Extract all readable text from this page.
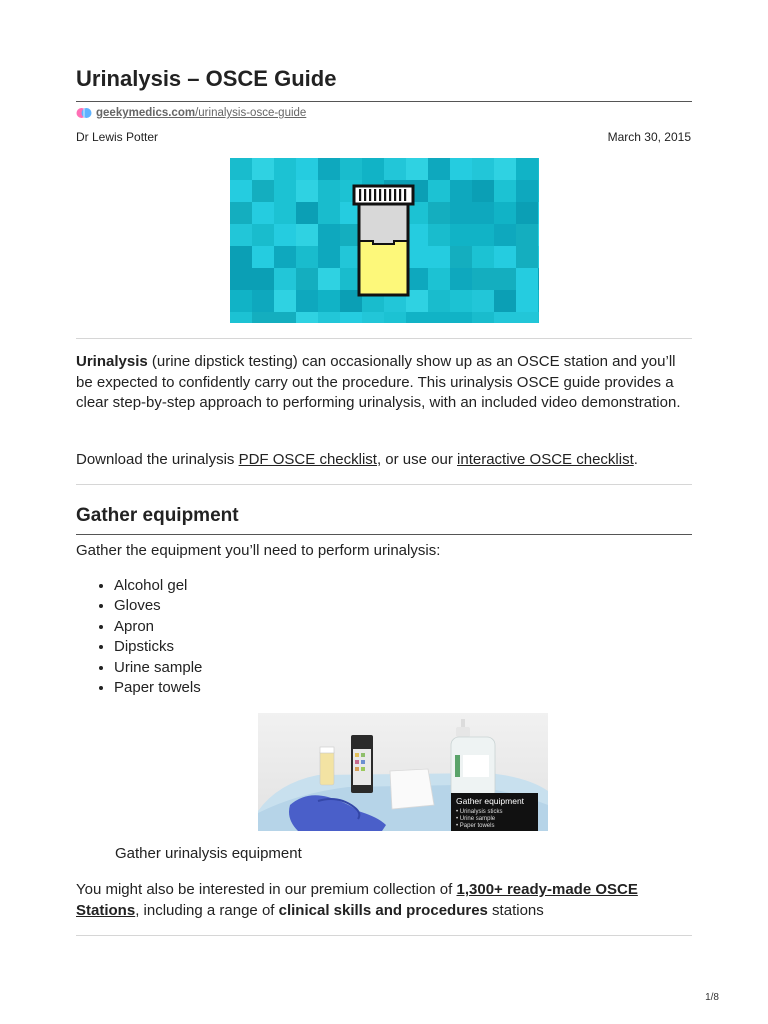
Urinalysis – OSCE Guide
geekymedics.com/urinalysis-osce-guide
Dr Lewis Potter	March 30, 2015

Urinalysis (urine dipstick testing) can occasionally show up as an OSCE station and you’ll be expected to confidently carry out the procedure. This urinalysis OSCE guide provides a clear step-by-step approach to performing urinalysis, with an included video demonstration.

Download the urinalysis PDF OSCE checklist, or use our interactive OSCE checklist.

Gather equipment

Gather the equipment you’ll need to perform urinalysis:

• Alcohol gel
• Gloves
• Apron
• Dipsticks
• Urine sample
• Paper towels
Gather equipment
• Urinalysis sticks
• Urine sample
• Paper towels
Gather urinalysis equipment

You might also be interested in our premium collection of 1,300+ ready-made OSCE Stations, including a range of clinical skills and procedures stations

1/8
